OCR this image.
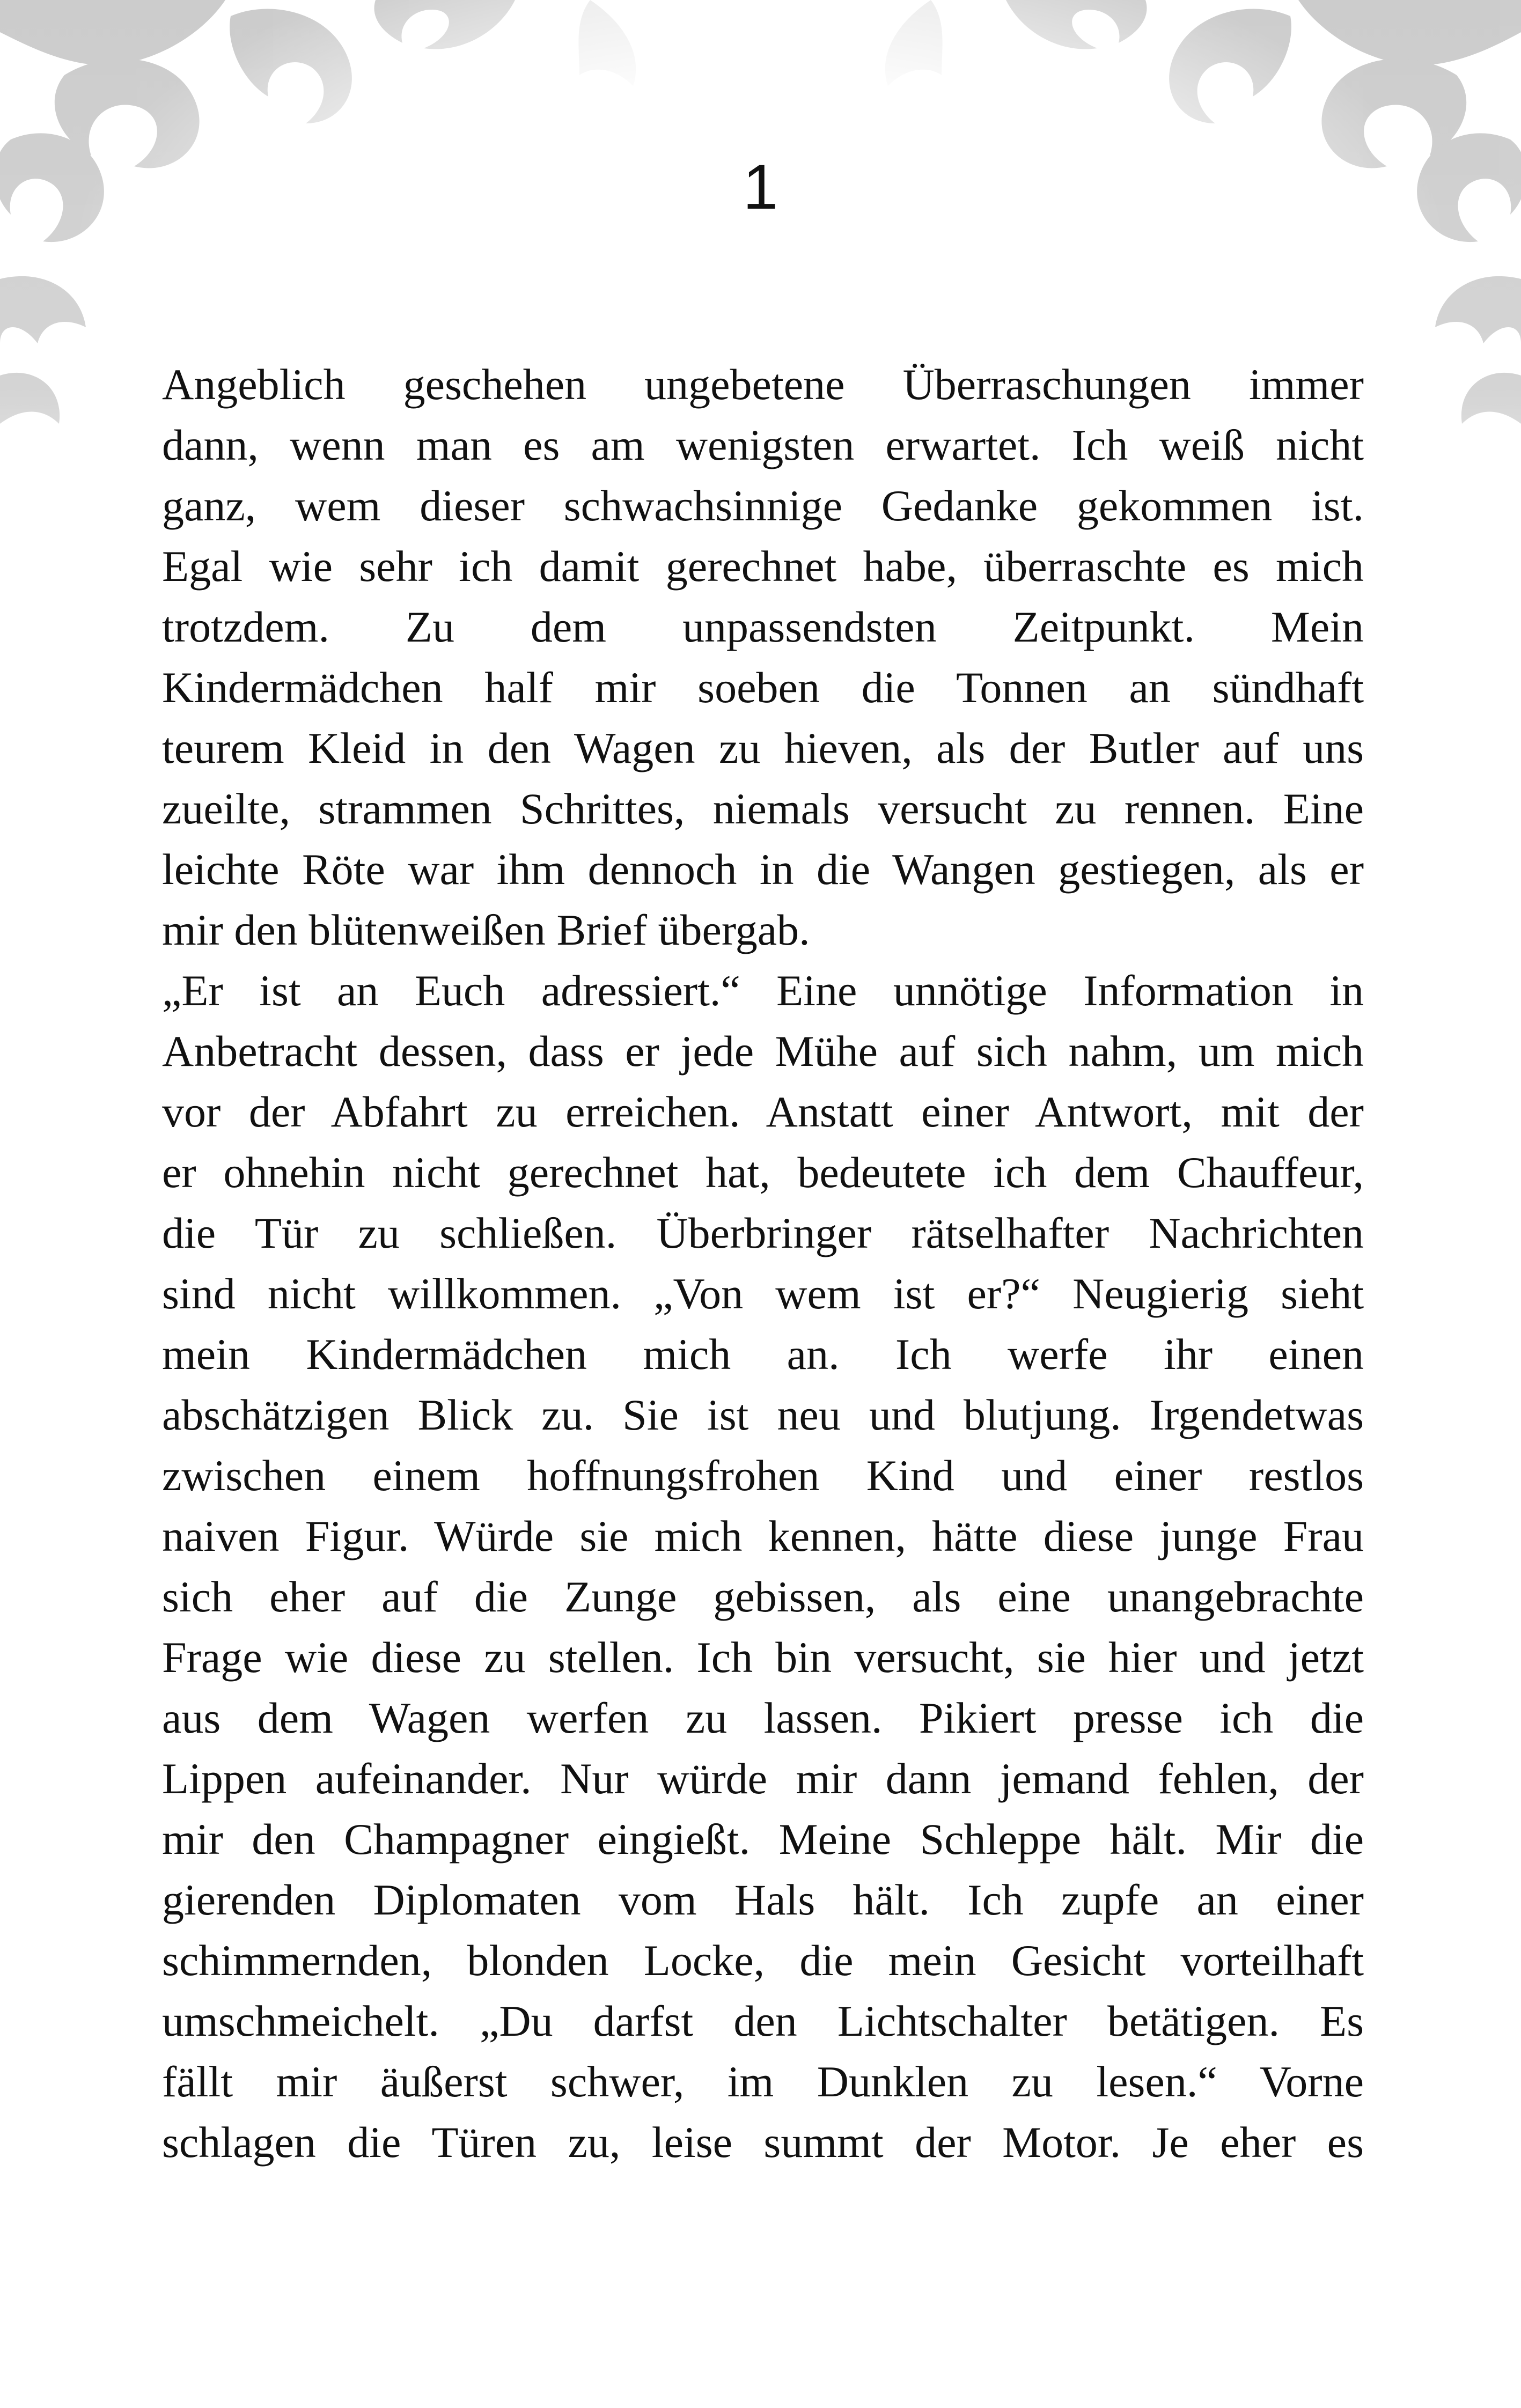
1
Angeblich geschehen ungebetene Überraschungen immer
dann, wenn man es am wenigsten erwartet. Ich weiß nicht
ganz, wem dieser schwachsinnige Gedanke gekommen ist.
Egal wie sehr ich damit gerechnet habe, überraschte es mich
trotzdem. Zu dem unpassendsten Zeitpunkt. Mein
Kindermädchen half mir soeben die Tonnen an sündhaft
teurem Kleid in den Wagen zu hieven, als der Butler auf uns
zueilte, strammen Schrittes, niemals versucht zu rennen. Eine
leichte Röte war ihm dennoch in die Wangen gestiegen, als er
mir den blütenweißen Brief übergab.
„Er ist an Euch adressiert.“ Eine unnötige Information in
Anbetracht dessen, dass er jede Mühe auf sich nahm, um mich
vor der Abfahrt zu erreichen. Anstatt einer Antwort, mit der
er ohnehin nicht gerechnet hat, bedeutete ich dem Chauffeur,
die Tür zu schließen. Überbringer rätselhafter Nachrichten
sind nicht willkommen. „Von wem ist er?“ Neugierig sieht
mein Kindermädchen mich an. Ich werfe ihr einen
abschätzigen Blick zu. Sie ist neu und blutjung. Irgendetwas
zwischen einem hoffnungsfrohen Kind und einer restlos
naiven Figur. Würde sie mich kennen, hätte diese junge Frau
sich eher auf die Zunge gebissen, als eine unangebrachte
Frage wie diese zu stellen. Ich bin versucht, sie hier und jetzt
aus dem Wagen werfen zu lassen. Pikiert presse ich die
Lippen aufeinander. Nur würde mir dann jemand fehlen, der
mir den Champagner eingießt. Meine Schleppe hält. Mir die
gierenden Diplomaten vom Hals hält. Ich zupfe an einer
schimmernden, blonden Locke, die mein Gesicht vorteilhaft
umschmeichelt. „Du darfst den Lichtschalter betätigen. Es
fällt mir äußerst schwer, im Dunklen zu lesen.“ Vorne
schlagen die Türen zu, leise summt der Motor. Je eher es
